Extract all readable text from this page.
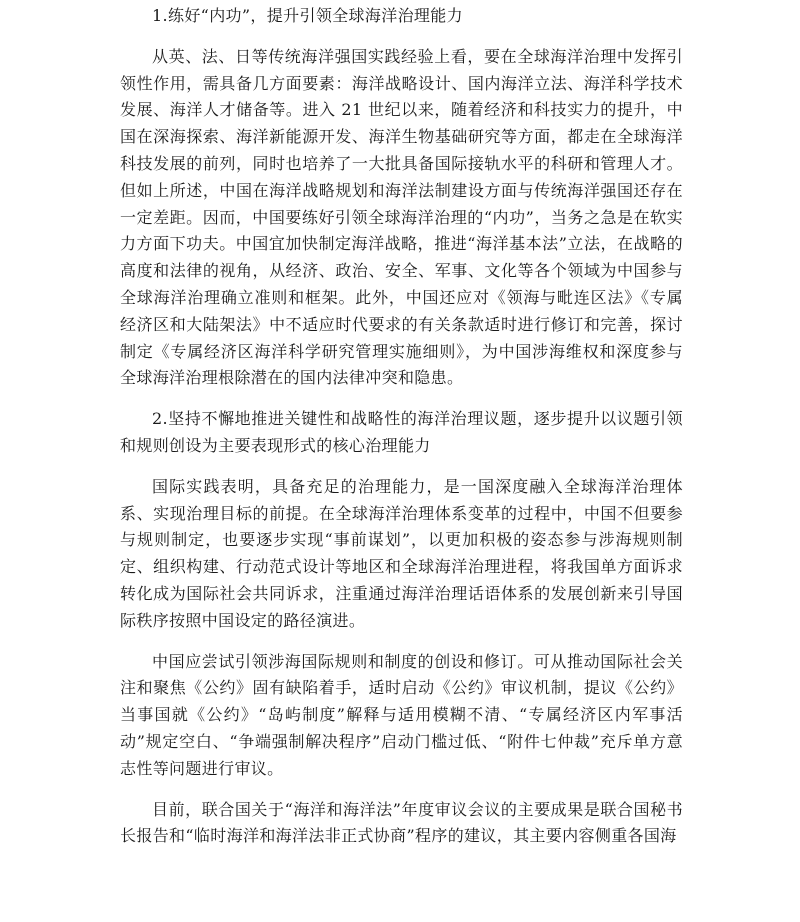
1.练好“内功”，提升引领全球海洋治理能力

从英、法、日等传统海洋强国实践经验上看，要在全球海洋治理中发挥引领性作用，需具备几方面要素：海洋战略设计、国内海洋立法、海洋科学技术发展、海洋人才储备等。进入 21 世纪以来，随着经济和科技实力的提升，中国在深海探索、海洋新能源开发、海洋生物基础研究等方面，都走在全球海洋科技发展的前列，同时也培养了一大批具备国际接轨水平的科研和管理人才。但如上所述，中国在海洋战略规划和海洋法制建设方面与传统海洋强国还存在一定差距。因而，中国要练好引领全球海洋治理的“内功”，当务之急是在软实力方面下功夫。中国宜加快制定海洋战略，推进“海洋基本法”立法，在战略的高度和法律的视角，从经济、政治、安全、军事、文化等各个领域为中国参与全球海洋治理确立准则和框架。此外，中国还应对《领海与毗连区法》《专属经济区和大陆架法》中不适应时代要求的有关条款适时进行修订和完善，探讨制定《专属经济区海洋科学研究管理实施细则》，为中国涉海维权和深度参与全球海洋治理根除潜在的国内法律冲突和隐患。

2.坚持不懈地推进关键性和战略性的海洋治理议题，逐步提升以议题引领和规则创设为主要表现形式的核心治理能力

国际实践表明，具备充足的治理能力，是一国深度融入全球海洋治理体系、实现治理目标的前提。在全球海洋治理体系变革的过程中，中国不但要参与规则制定，也要逐步实现“事前谋划”，以更加积极的姿态参与涉海规则制定、组织构建、行动范式设计等地区和全球海洋治理进程，将我国单方面诉求转化成为国际社会共同诉求，注重通过海洋治理话语体系的发展创新来引导国际秩序按照中国设定的路径演进。

中国应尝试引领涉海国际规则和制度的创设和修订。可从推动国际社会关注和聚焦《公约》固有缺陷着手，适时启动《公约》审议机制，提议《公约》当事国就《公约》“岛屿制度”解释与适用模糊不清、“专属经济区内军事活动”规定空白、“争端强制解决程序”启动门槛过低、“附件七仲裁”充斥单方意志性等问题进行审议。

目前，联合国关于“海洋和海洋法”年度审议会议的主要成果是联合国秘书长报告和“临时海洋和海洋法非正式协商”程序的建议，其主要内容侧重各国海
